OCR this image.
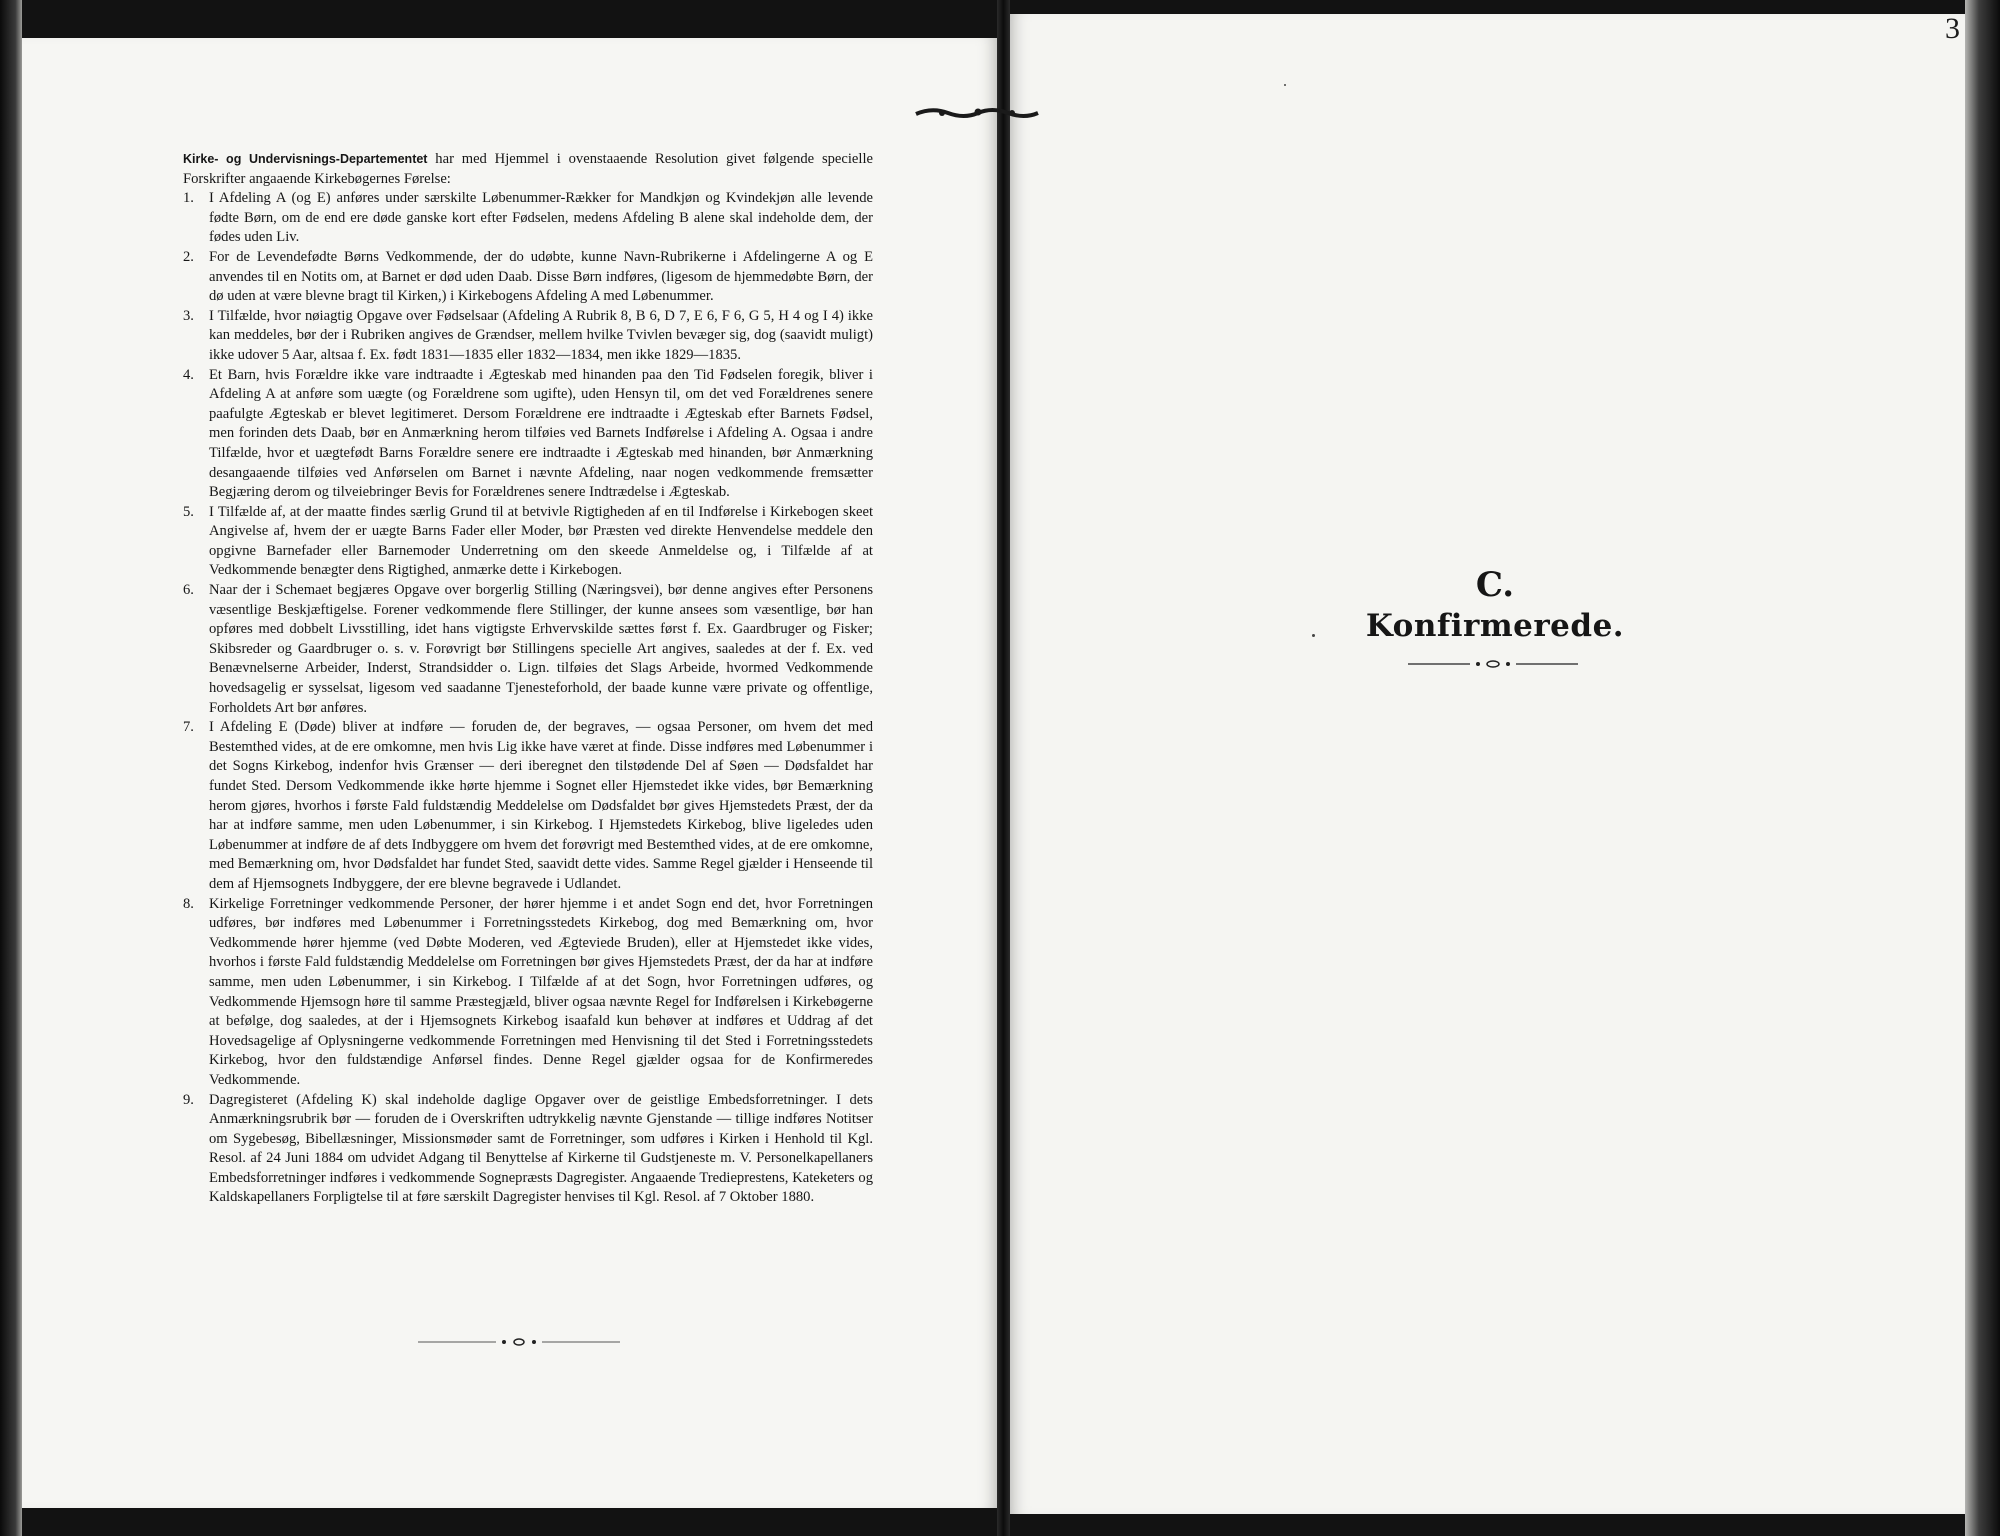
Kirke- og Undervisnings-Departementet har med Hjemmel i ovenstaaende Resolution givet følgende specielle Forskrifter angaaende Kirkebøgernes Førelse:

1.	I Afdeling A (og E) anføres under særskilte Løbenummer-Rækker for Mandkjøn og Kvindekjøn alle levende fødte Børn, om de end ere døde ganske kort efter Fødselen, medens Afdeling B alene skal indeholde dem, der fødes uden Liv.
2.	For de Levendefødte Børns Vedkommende, der do udøbte, kunne Navn-Rubrikerne i Afdelingerne A og E anvendes til en Notits om, at Barnet er død uden Daab. Disse Børn indføres, (ligesom de hjemmedøbte Børn, der dø uden at være blevne bragt til Kirken,) i Kirkebogens Afdeling A med Løbenummer.
3.	I Tilfælde, hvor nøiagtig Opgave over Fødselsaar (Afdeling A Rubrik 8, B 6, D 7, E 6, F 6, G 5, H 4 og I 4) ikke kan meddeles, bør der i Rubriken angives de Grændser, mellem hvilke Tvivlen bevæger sig, dog (saavidt muligt) ikke udover 5 Aar, altsaa f. Ex. født 1831—1835 eller 1832—1834, men ikke 1829—1835.
4.	Et Barn, hvis Forældre ikke vare indtraadte i Ægteskab med hinanden paa den Tid Fødselen foregik, bliver i Afdeling A at anføre som uægte (og Forældrene som ugifte), uden Hensyn til, om det ved Forældrenes senere paafulgte Ægteskab er blevet legitimeret. Dersom Forældrene ere indtraadte i Ægteskab efter Barnets Fødsel, men forinden dets Daab, bør en Anmærkning herom tilføies ved Barnets Indførelse i Afdeling A. Ogsaa i andre Tilfælde, hvor et uægtefødt Barns Forældre senere ere indtraadte i Ægteskab med hinanden, bør Anmærkning desangaaende tilføies ved Anførselen om Barnet i nævnte Afdeling, naar nogen vedkommende fremsætter Begjæring derom og tilveiebringer Bevis for Forældrenes senere Indtrædelse i Ægteskab.
5.	I Tilfælde af, at der maatte findes særlig Grund til at betvivle Rigtigheden af en til Indførelse i Kirkebogen skeet Angivelse af, hvem der er uægte Barns Fader eller Moder, bør Præsten ved direkte Henvendelse meddele den opgivne Barnefader eller Barnemoder Underretning om den skeede Anmeldelse og, i Tilfælde af at Vedkommende benægter dens Rigtighed, anmærke dette i Kirkebogen.
6.	Naar der i Schemaet begjæres Opgave over borgerlig Stilling (Næringsvei), bør denne angives efter Personens væsentlige Beskjæftigelse. Forener vedkommende flere Stillinger, der kunne ansees som væsentlige, bør han opføres med dobbelt Livsstilling, idet hans vigtigste Erhvervskilde sættes først f. Ex. Gaardbruger og Fisker; Skibsreder og Gaardbruger o. s. v. Forøvrigt bør Stillingens specielle Art angives, saaledes at der f. Ex. ved Benævnelserne Arbeider, Inderst, Strandsidder o. Lign. tilføies det Slags Arbeide, hvormed Vedkommende hovedsagelig er sysselsat, ligesom ved saadanne Tjenesteforhold, der baade kunne være private og offentlige, Forholdets Art bør anføres.
7.	I Afdeling E (Døde) bliver at indføre — foruden de, der begraves, — ogsaa Personer, om hvem det med Bestemthed vides, at de ere omkomne, men hvis Lig ikke have været at finde. Disse indføres med Løbenummer i det Sogns Kirkebog, indenfor hvis Grænser — deri iberegnet den tilstødende Del af Søen — Dødsfaldet har fundet Sted. Dersom Vedkommende ikke hørte hjemme i Sognet eller Hjemstedet ikke vides, bør Bemærkning herom gjøres, hvorhos i første Fald fuldstændig Meddelelse om Dødsfaldet bør gives Hjemstedets Præst, der da har at indføre samme, men uden Løbenummer, i sin Kirkebog. I Hjemstedets Kirkebog, blive ligeledes uden Løbenummer at indføre de af dets Indbyggere om hvem det forøvrigt med Bestemthed vides, at de ere omkomne, med Bemærkning om, hvor Dødsfaldet har fundet Sted, saavidt dette vides. Samme Regel gjælder i Henseende til dem af Hjemsognets Indbyggere, der ere blevne begravede i Udlandet.
8.	Kirkelige Forretninger vedkommende Personer, der hører hjemme i et andet Sogn end det, hvor Forretningen udføres, bør indføres med Løbenummer i Forretningsstedets Kirkebog, dog med Bemærkning om, hvor Vedkommende hører hjemme (ved Døbte Moderen, ved Ægteviede Bruden), eller at Hjemstedet ikke vides, hvorhos i første Fald fuldstændig Meddelelse om Forretningen bør gives Hjemstedets Præst, der da har at indføre samme, men uden Løbenummer, i sin Kirkebog. I Tilfælde af at det Sogn, hvor Forretningen udføres, og Vedkommende Hjemsogn høre til samme Præstegjæld, bliver ogsaa nævnte Regel for Indførelsen i Kirkebøgerne at befølge, dog saaledes, at der i Hjemsognets Kirkebog isaafald kun behøver at indføres et Uddrag af det Hovedsagelige af Oplysningerne vedkommende Forretningen med Henvisning til det Sted i Forretningsstedets Kirkebog, hvor den fuldstændige Anførsel findes. Denne Regel gjælder ogsaa for de Konfirmeredes Vedkommende.
9.	Dagregisteret (Afdeling K) skal indeholde daglige Opgaver over de geistlige Embedsforretninger. I dets Anmærkningsrubrik bør — foruden de i Overskriften udtrykkelig nævnte Gjenstande — tillige indføres Notitser om Sygebesøg, Bibellæsninger, Missionsmøder samt de Forretninger, som udføres i Kirken i Henhold til Kgl. Resol. af 24 Juni 1884 om udvidet Adgang til Benyttelse af Kirkerne til Gudstjeneste m. V. Personelkapellaners Embedsforretninger indføres i vedkommende Sognepræsts Dagregister. Angaaende Tredieprestens, Kateketers og Kaldskapellaners Forpligtelse til at føre særskilt Dagregister henvises til Kgl. Resol. af 7 Oktober 1880.
3
C.
Konfirmerede.
